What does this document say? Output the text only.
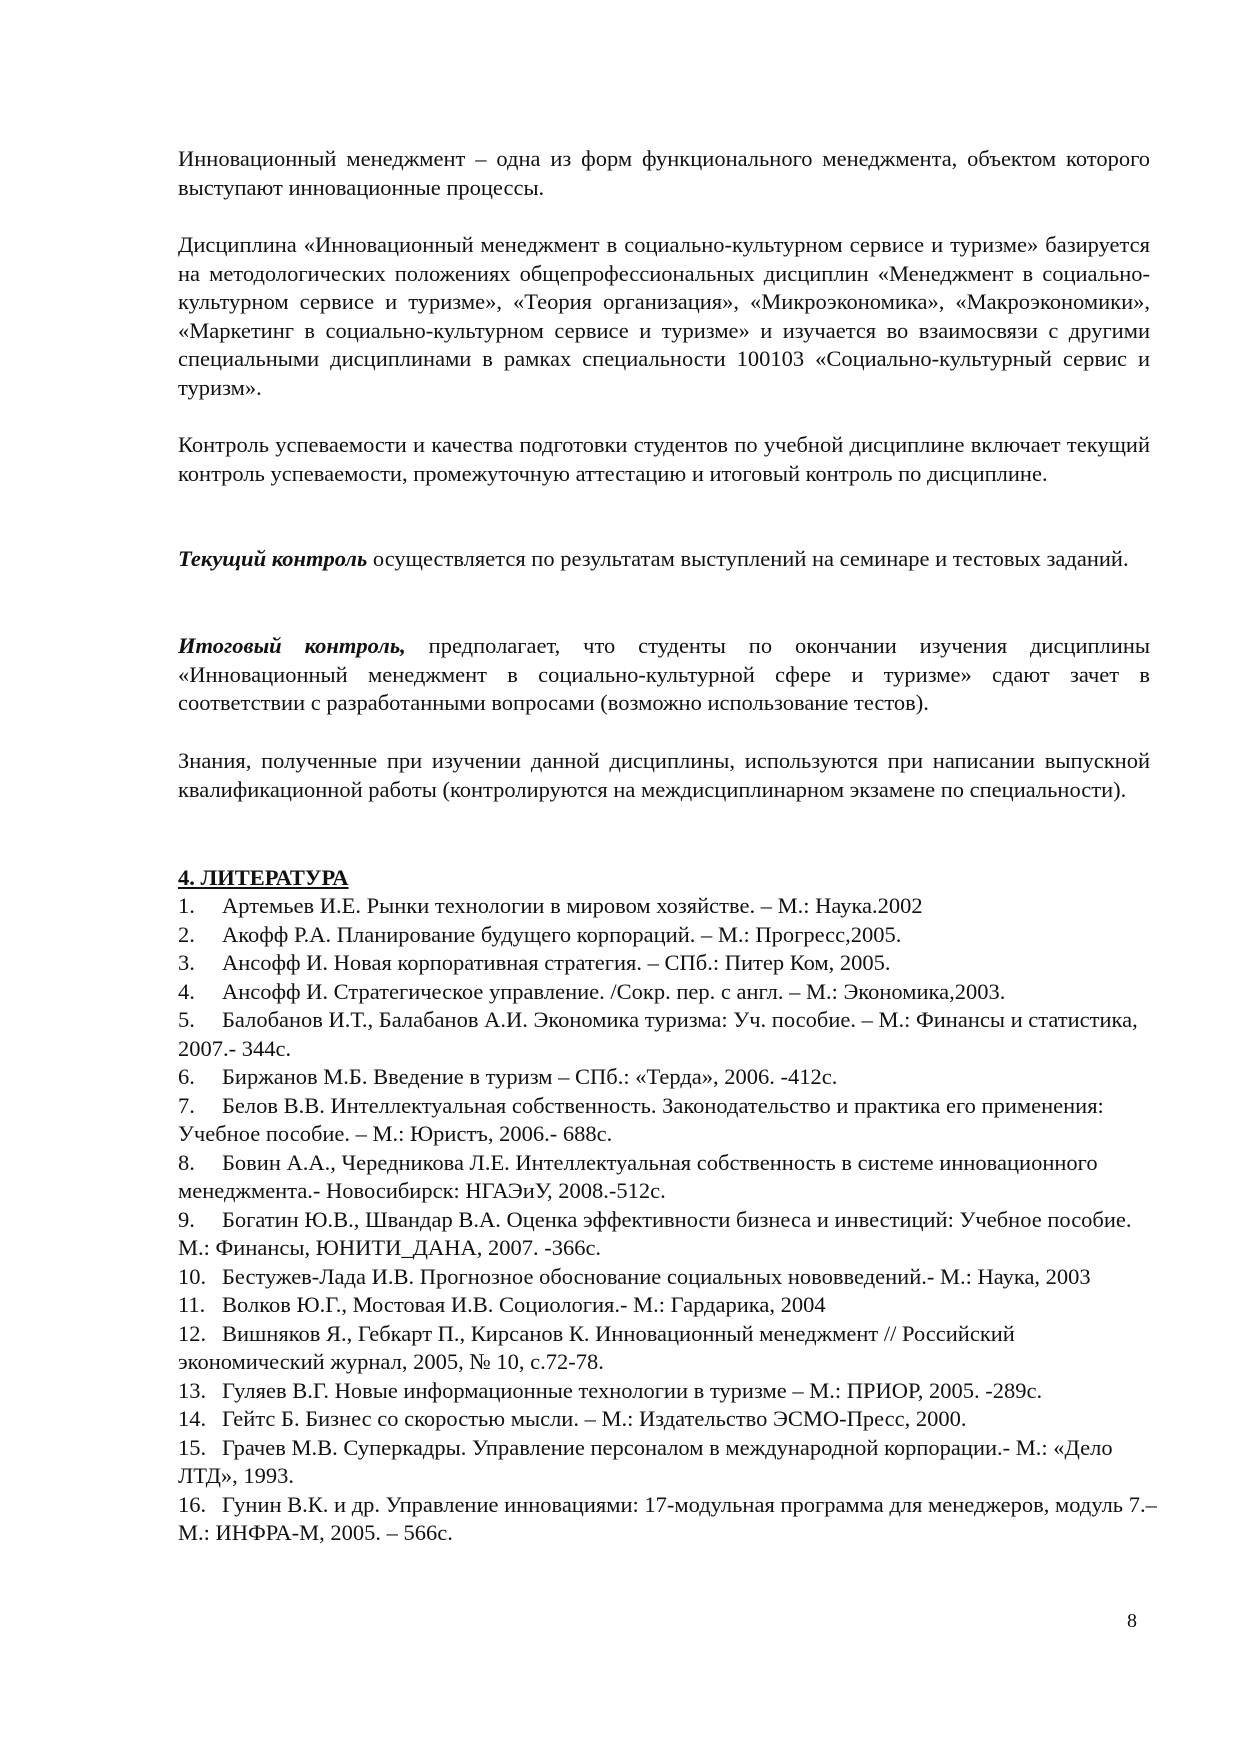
Инновационный менеджмент – одна из форм функционального менеджмента, объектом которого выступают инновационные процессы.

Дисциплина «Инновационный менеджмент в социально-культурном сервисе и туризме» базируется на методологических положениях общепрофессиональных дисциплин «Менеджмент в социально-культурном сервисе и туризме», «Теория организация», «Микроэкономика», «Макроэкономики», «Маркетинг в социально-культурном сервисе и туризме» и изучается во взаимосвязи с другими специальными дисциплинами в рамках специальности 100103 «Социально-культурный сервис и туризм».

Контроль успеваемости и качества подготовки студентов по учебной дисциплине включает текущий контроль успеваемости, промежуточную аттестацию и итоговый контроль по дисциплине.

Текущий контроль осуществляется по результатам выступлений на семинаре и тестовых заданий.

Итоговый контроль, предполагает, что студенты по окончании изучения дисциплины «Инновационный менеджмент в социально-культурной сфере и туризме» сдают зачет в соответствии с разработанными вопросами (возможно использование тестов).

Знания, полученные при изучении данной дисциплины, используются при написании выпускной квалификационной работы (контролируются на междисциплинарном экзамене по специальности).

4. ЛИТЕРАТУРА

1. Артемьев И.Е. Рынки технологии в мировом хозяйстве. – М.: Наука.2002
2. Акофф Р.А. Планирование будущего корпораций. – М.: Прогресс,2005.
3. Ансофф И. Новая корпоративная стратегия. – СПб.: Питер Ком, 2005.
4. Ансофф И. Стратегическое управление. /Сокр. пер. с англ. – М.: Экономика,2003.
5. Балобанов И.Т., Балабанов А.И. Экономика туризма: Уч. пособие. – М.: Финансы и статистика, 2007.- 344с.
6. Биржанов М.Б. Введение в туризм – СПб.: «Терда», 2006. -412с.
7. Белов В.В. Интеллектуальная собственность. Законодательство и практика его применения: Учебное пособие. – М.: Юристъ, 2006.- 688с.
8. Бовин А.А., Чередникова Л.Е. Интеллектуальная собственность в системе инновационного менеджмента.- Новосибирск: НГАЭиУ, 2008.-512с.
9. Богатин Ю.В., Швандар В.А. Оценка эффективности бизнеса и инвестиций: Учебное пособие. М.: Финансы, ЮНИТИ_ДАНА, 2007. -366с.
10. Бестужев-Лада И.В. Прогнозное обоснование социальных нововведений.- М.: Наука, 2003
11. Волков Ю.Г., Мостовая И.В. Социология.- М.: Гардарика, 2004
12. Вишняков Я., Гебкарт П., Кирсанов К. Инновационный менеджмент // Российский экономический журнал, 2005, № 10, с.72-78.
13. Гуляев В.Г. Новые информационные технологии в туризме – М.: ПРИОР, 2005. -289с.
14. Гейтс Б. Бизнес со скоростью мысли. – М.: Издательство ЭСМО-Пресс, 2000.
15. Грачев М.В. Суперкадры. Управление персоналом в международной корпорации.- М.: «Дело ЛТД», 1993.
16. Гунин В.К. и др. Управление инновациями: 17-модульная программа для менеджеров, модуль 7.–М.: ИНФРА-М, 2005. – 566с.
8
